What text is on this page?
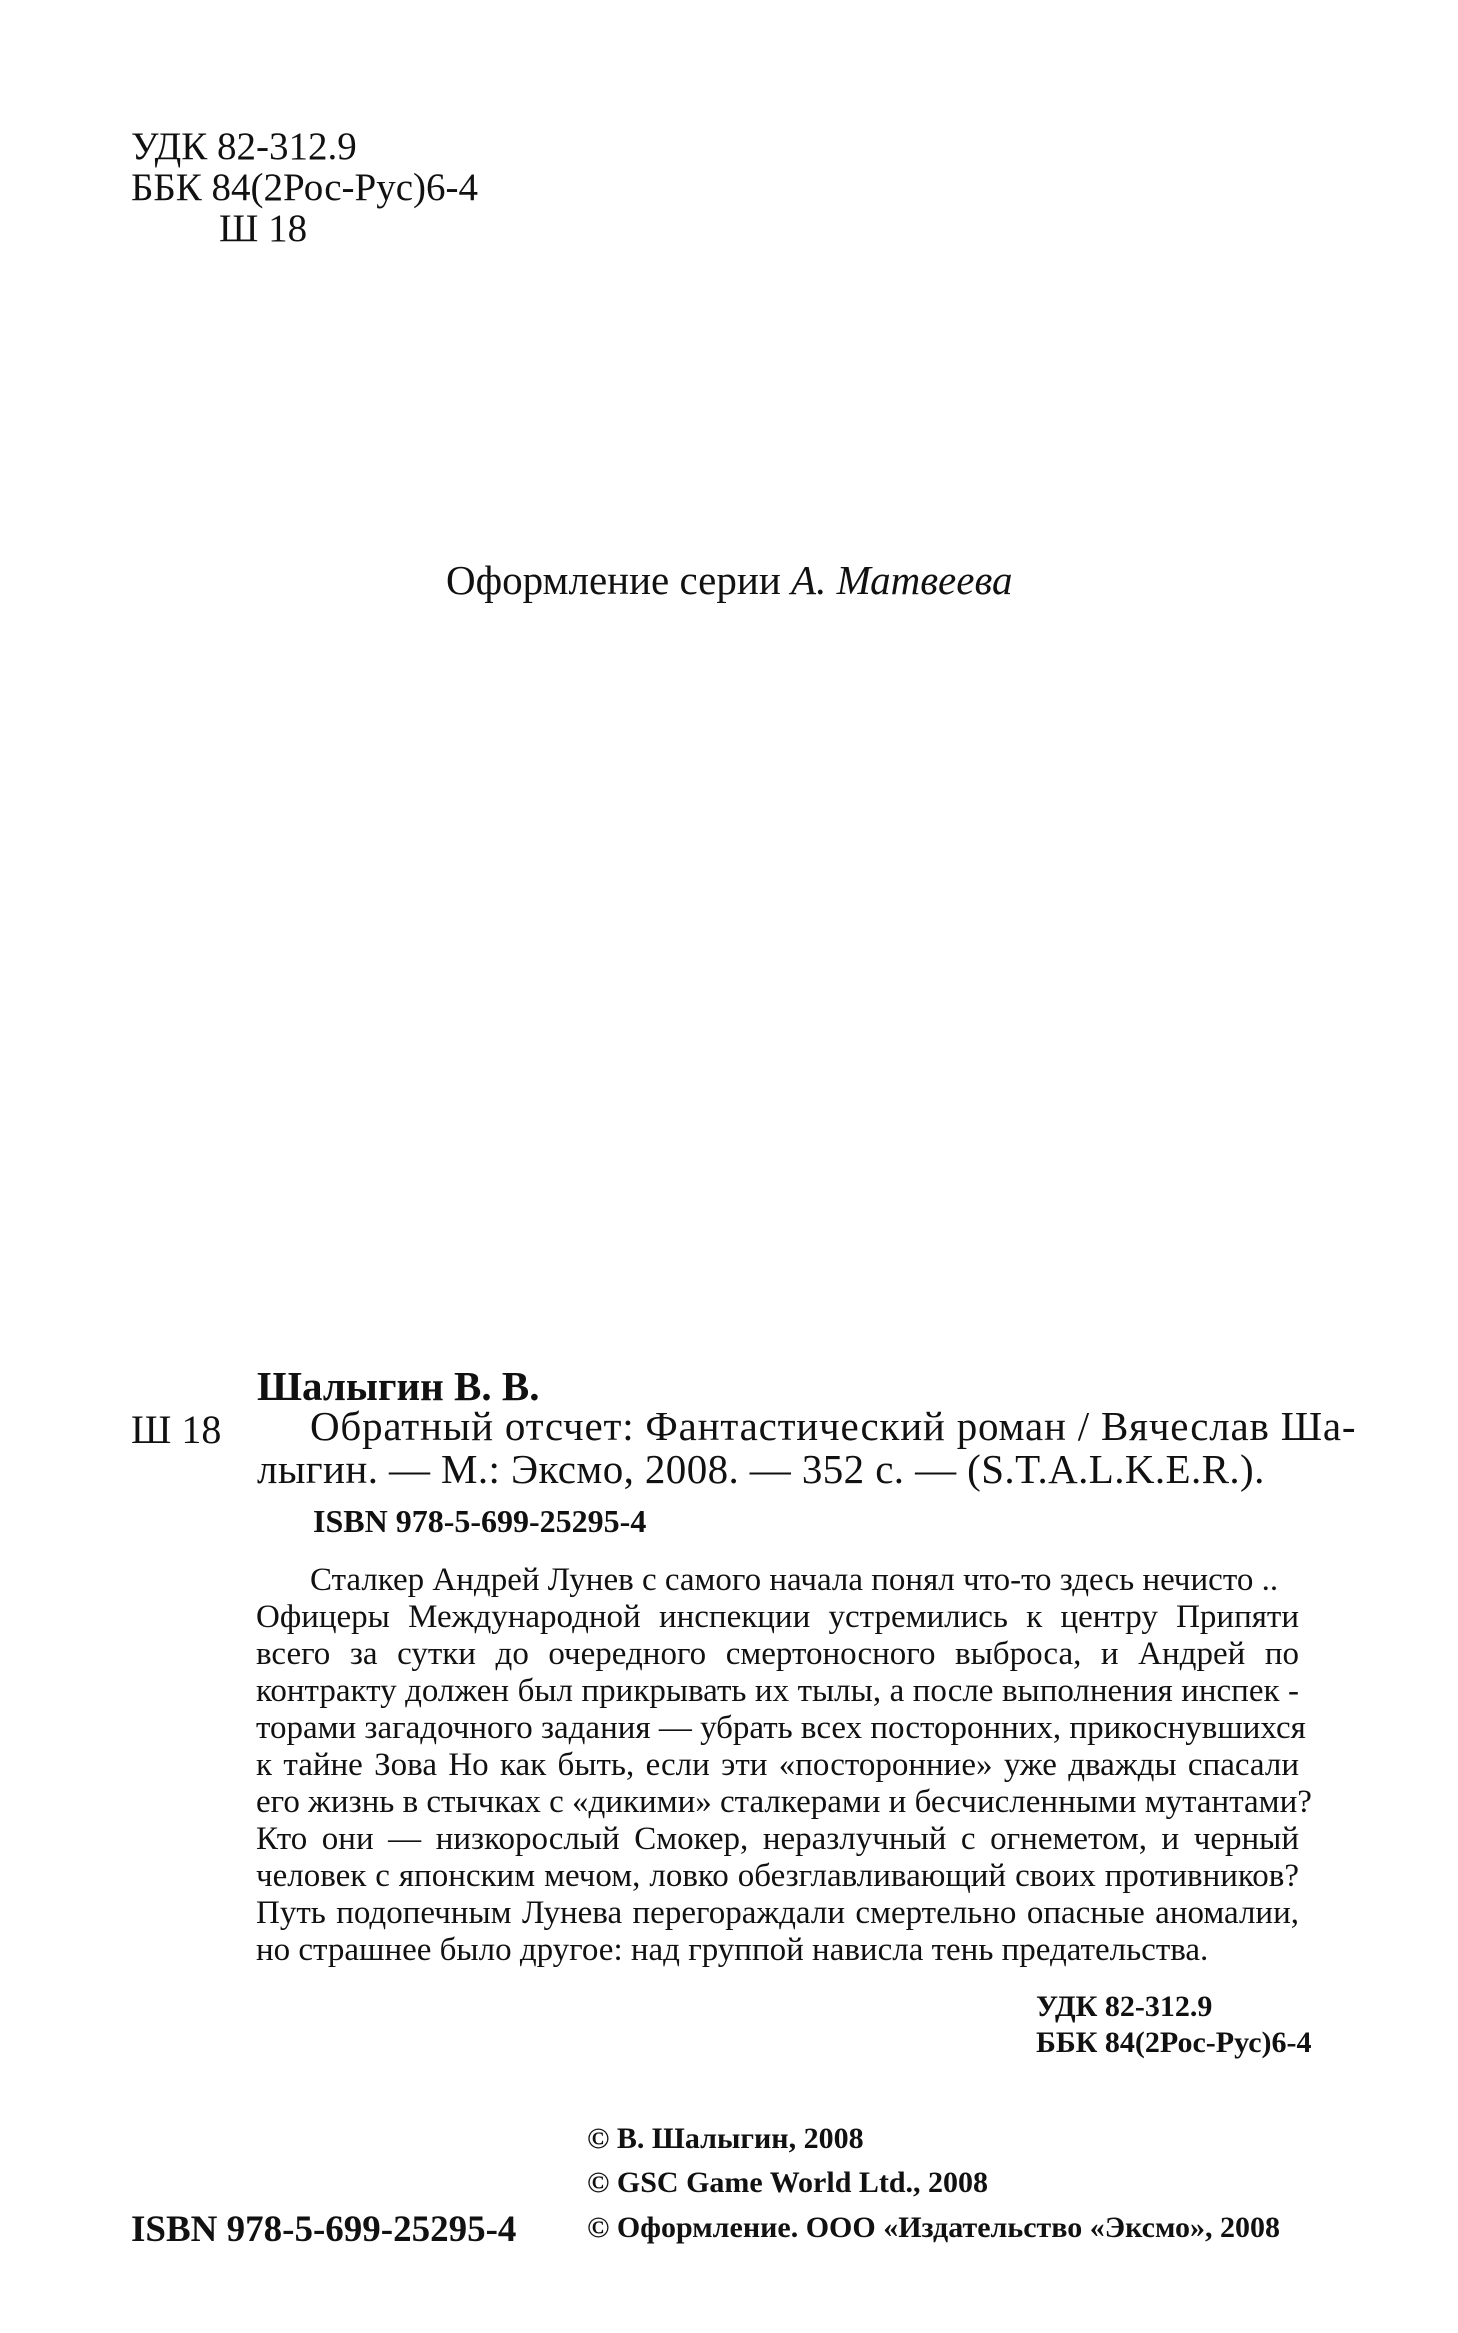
УДК 82-312.9
ББК 84(2Рос-Рус)6-4
Ш 18
Оформление серии А. Матвеева
Шалыгин В. В.
Ш 18 Обратный отсчет: Фантастический роман / Вячеслав Ша-
лыгин. — М.: Эксмо, 2008. — 352 с. — (S.T.A.L.K.E.R.).
ISBN 978-5-699-25295-4
Сталкер Андрей Лунев с самого начала понял что-то здесь нечисто ..
Офицеры Международной инспекции устремились к центру Припяти
всего за сутки до очередного смертоносного выброса, и Андрей по
контракту должен был прикрывать их тылы, а после выполнения инспек -
торами загадочного задания — убрать всех посторонних, прикоснувшихся
к тайне Зова Но как быть, если эти «посторонние» уже дважды спасали
его жизнь в стычках с «дикими» сталкерами и бесчисленными мутантами?
Кто они — низкорослый Смокер, неразлучный с огнеметом, и черный
человек с японским мечом, ловко обезглавливающий своих противников?
Путь подопечным Лунева перегораждали смертельно опасные аномалии,
но страшнее было другое: над группой нависла тень предательства.
УДК 82-312.9
ББК 84(2Рос-Рус)6-4
© В. Шалыгин, 2008
© GSC Game World Ltd., 2008
© Оформление. ООО «Издательство «Эксмо», 2008
ISBN 978-5-699-25295-4
